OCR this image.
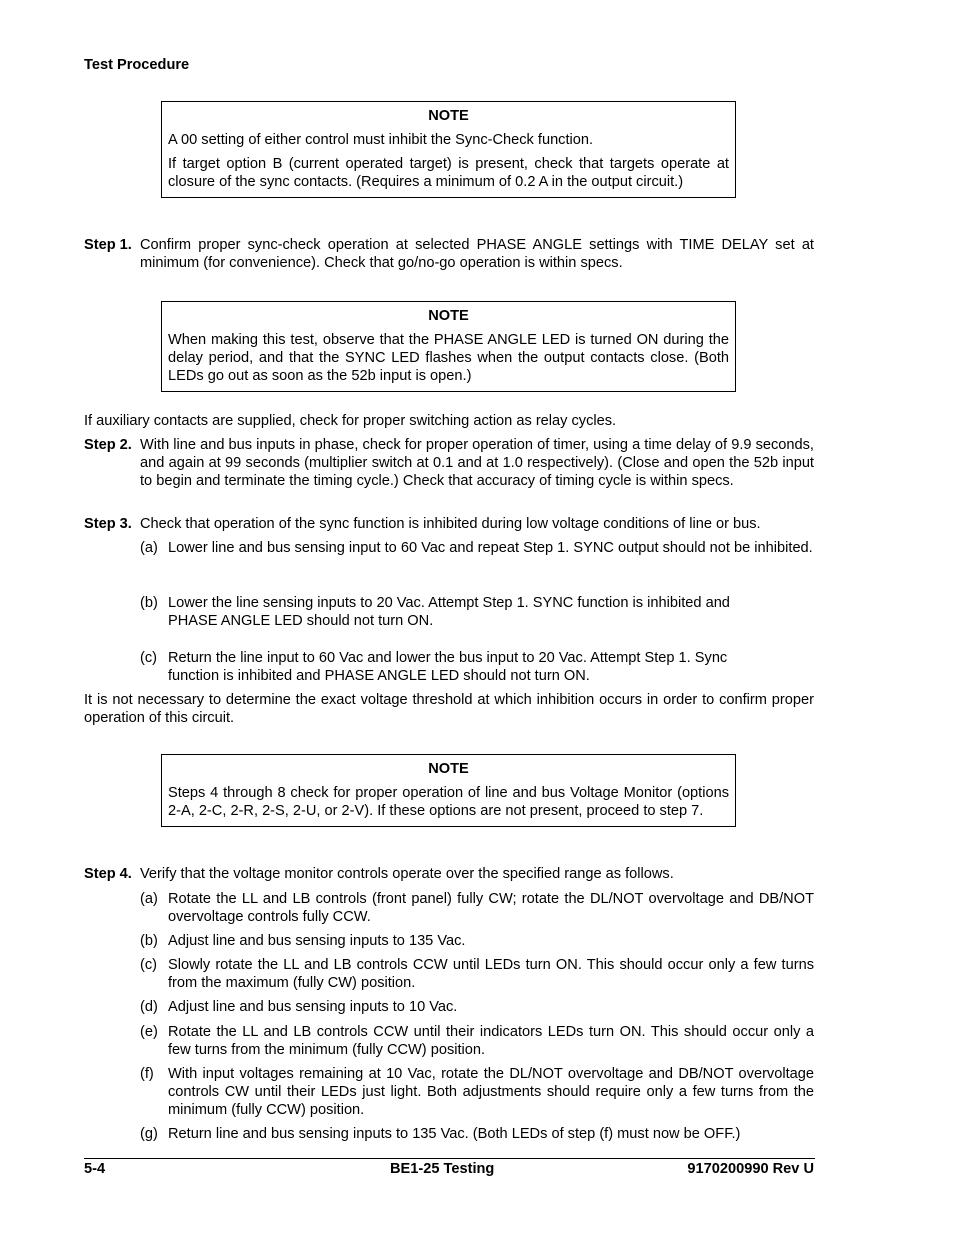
Test Procedure
NOTE
A 00 setting of either control must inhibit the Sync-Check function.
If target option B (current operated target) is present, check that targets operate at closure of the sync contacts. (Requires a minimum of 0.2 A in the output circuit.)
Step 1. Confirm proper sync-check operation at selected PHASE ANGLE settings with TIME DELAY set at minimum (for convenience). Check that go/no-go operation is within specs.
NOTE
When making this test, observe that the PHASE ANGLE LED is turned ON during the delay period, and that the SYNC LED flashes when the output contacts close. (Both LEDs go out as soon as the 52b input is open.)
If auxiliary contacts are supplied, check for proper switching action as relay cycles.
Step 2. With line and bus inputs in phase, check for proper operation of timer, using a time delay of 9.9 seconds, and again at 99 seconds (multiplier switch at 0.1 and at 1.0 respectively). (Close and open the 52b input to begin and terminate the timing cycle.) Check that accuracy of timing cycle is within specs.
Step 3. Check that operation of the sync function is inhibited during low voltage conditions of line or bus.
(a) Lower line and bus sensing input to 60 Vac and repeat Step 1. SYNC output should not be inhibited.
(b) Lower the line sensing inputs to 20 Vac. Attempt Step 1. SYNC function is inhibited and PHASE ANGLE LED should not turn ON.
(c) Return the line input to 60 Vac and lower the bus input to 20 Vac. Attempt Step 1. Sync function is inhibited and PHASE ANGLE LED should not turn ON.
It is not necessary to determine the exact voltage threshold at which inhibition occurs in order to confirm proper operation of this circuit.
NOTE
Steps 4 through 8 check for proper operation of line and bus Voltage Monitor (options 2-A, 2-C, 2-R, 2-S, 2-U, or 2-V). If these options are not present, proceed to step 7.
Step 4. Verify that the voltage monitor controls operate over the specified range as follows.
(a) Rotate the LL and LB controls (front panel) fully CW; rotate the DL/NOT overvoltage and DB/NOT overvoltage controls fully CCW.
(b) Adjust line and bus sensing inputs to 135 Vac.
(c) Slowly rotate the LL and LB controls CCW until LEDs turn ON. This should occur only a few turns from the maximum (fully CW) position.
(d) Adjust line and bus sensing inputs to 10 Vac.
(e) Rotate the LL and LB controls CCW until their indicators LEDs turn ON. This should occur only a few turns from the minimum (fully CCW) position.
(f) With input voltages remaining at 10 Vac, rotate the DL/NOT overvoltage and DB/NOT overvoltage controls CW until their LEDs just light. Both adjustments should require only a few turns from the minimum (fully CCW) position.
(g) Return line and bus sensing inputs to 135 Vac. (Both LEDs of step (f) must now be OFF.)
5-4	BE1-25 Testing	9170200990 Rev U
